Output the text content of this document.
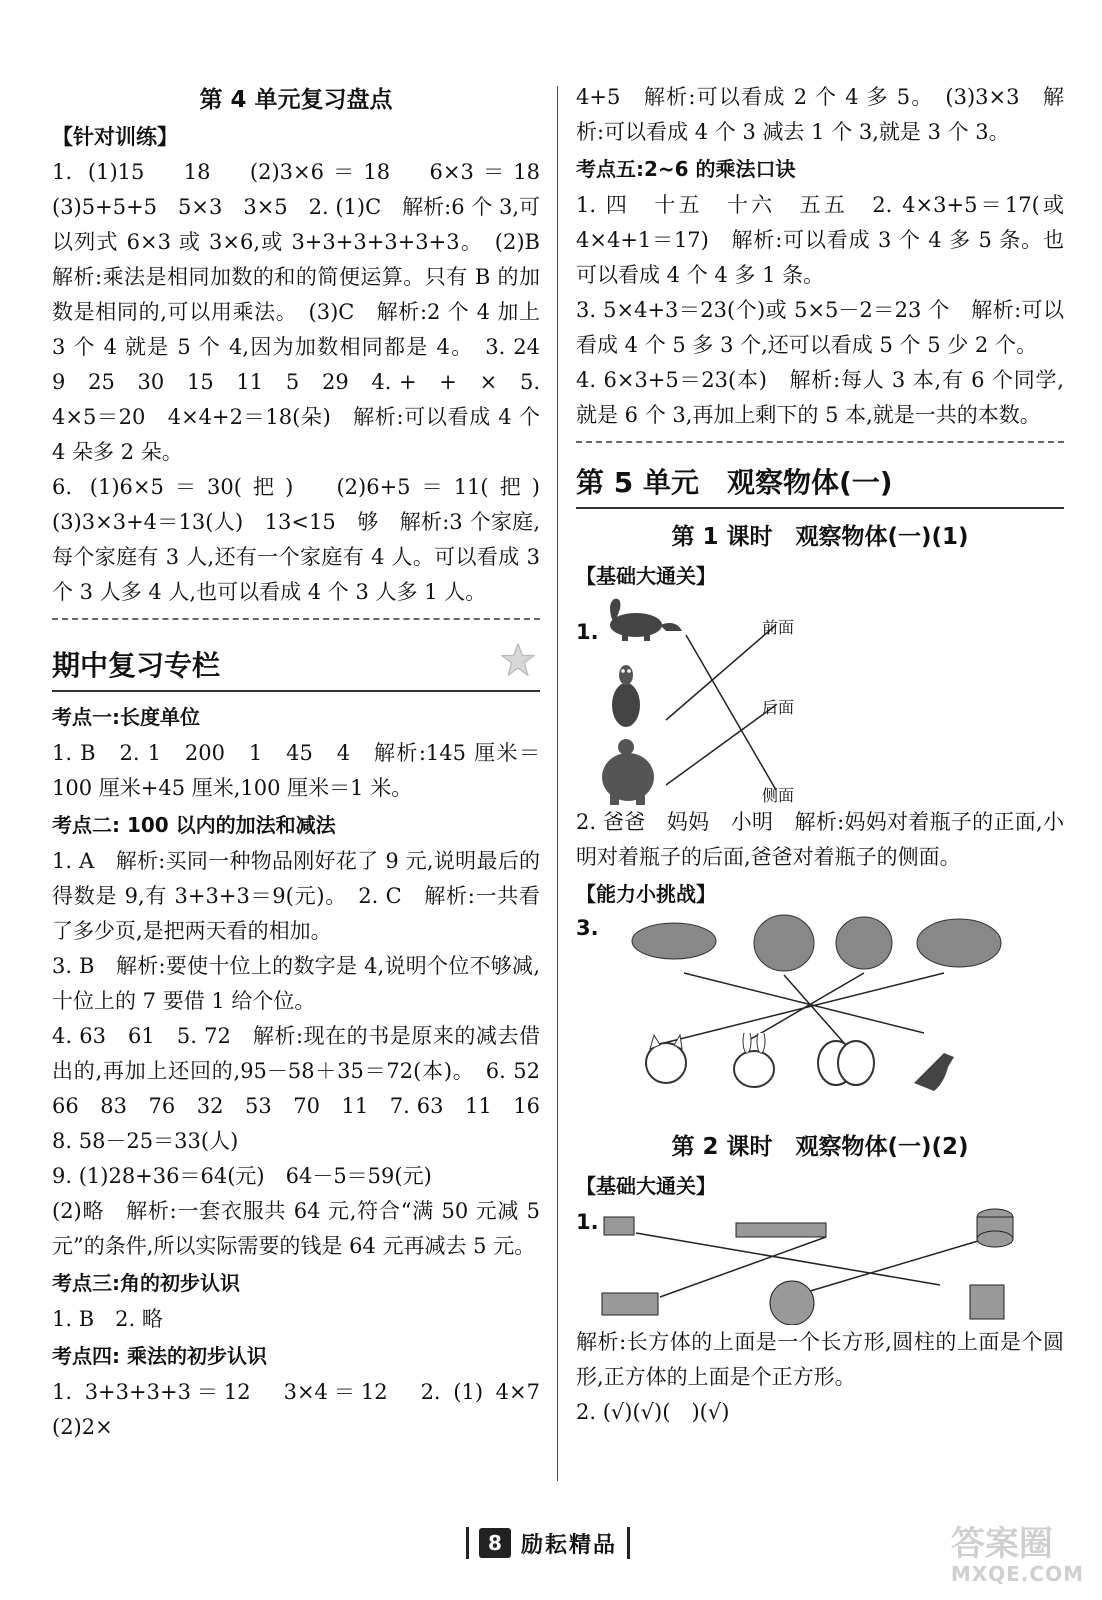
第 4 单元复习盘点

【针对训练】

1. (1)15　18　(2)3×6＝18　6×3＝18　(3)5+5+5　5×3　3×5　2. (1)C　解析:6 个 3,可以列式 6×3 或 3×6,或 3+3+3+3+3+3。　(2)B　解析:乘法是相同加数的和的简便运算。只有 B 的加数是相同的,可以用乘法。　(3)C　解析:2 个 4 加上 3 个 4 就是 5 个 4,因为加数相同都是 4。　3. 24　9　25　30　15　11　5　29　4. +　+　×　5. 4×5＝20　4×4+2＝18(朵)　解析:可以看成 4 个 4 朵多 2 朵。

6. (1)6×5＝30(把)　(2)6+5＝11(把)　(3)3×3+4＝13(人)　13<15　够　解析:3 个家庭,每个家庭有 3 人,还有一个家庭有 4 人。可以看成 3 个 3 人多 4 人,也可以看成 4 个 3 人多 1 人。

期中复习专栏
考点一:长度单位

1. B　2. 1　200　1　45　4　解析:145 厘米＝100 厘米+45 厘米,100 厘米＝1 米。

考点二: 100 以内的加法和减法

1. A　解析:买同一种物品刚好花了 9 元,说明最后的得数是 9,有 3+3+3＝9(元)。　2. C　解析:一共看了多少页,是把两天看的相加。

3. B　解析:要使十位上的数字是 4,说明个位不够减,十位上的 7 要借 1 给个位。

4. 63　61　5. 72　解析:现在的书是原来的减去借出的,再加上还回的,95－58＋35＝72(本)。　6. 52　66　83　76　32　53　70　11　7. 63　11　16　8. 58－25＝33(人)

9. (1)28+36＝64(元)　64－5＝59(元)

(2)略　解析:一套衣服共 64 元,符合“满 50 元减 5 元”的条件,所以实际需要的钱是 64 元再减去 5 元。

考点三:角的初步认识

1. B　2. 略

考点四: 乘法的初步认识

1. 3+3+3+3＝12　3×4＝12　2. (1) 4×7　(2)2×

4+5　解析:可以看成 2 个 4 多 5。　(3)3×3　解析:可以看成 4 个 3 减去 1 个 3,就是 3 个 3。

考点五:2~6 的乘法口诀

1. 四　十五　十六　五五　2. 4×3+5＝17(或 4×4+1＝17)　解析:可以看成 3 个 4 多 5 条。也可以看成 4 个 4 多 1 条。

3. 5×4+3＝23(个)或 5×5－2＝23 个　解析:可以看成 4 个 5 多 3 个,还可以看成 5 个 5 少 2 个。

4. 6×3+5＝23(本)　解析:每人 3 本,有 6 个同学,就是 6 个 3,再加上剩下的 5 本,就是一共的本数。

第 5 单元　观察物体(一)
第 1 课时　观察物体(一)(1)
【基础大通关】
1.	前面
后面
侧面

2. 爸爸　妈妈　小明　解析:妈妈对着瓶子的正面,小明对着瓶子的后面,爸爸对着瓶子的侧面。

【能力小挑战】
3.
第 2 课时　观察物体(一)(2)
【基础大通关】
1.

解析:长方体的上面是一个长方形,圆柱的上面是个圆形,正方体的上面是个正方形。

2. (√)(√)(　)(√)

8 励耘精品	答案圈
MXQE.COM
